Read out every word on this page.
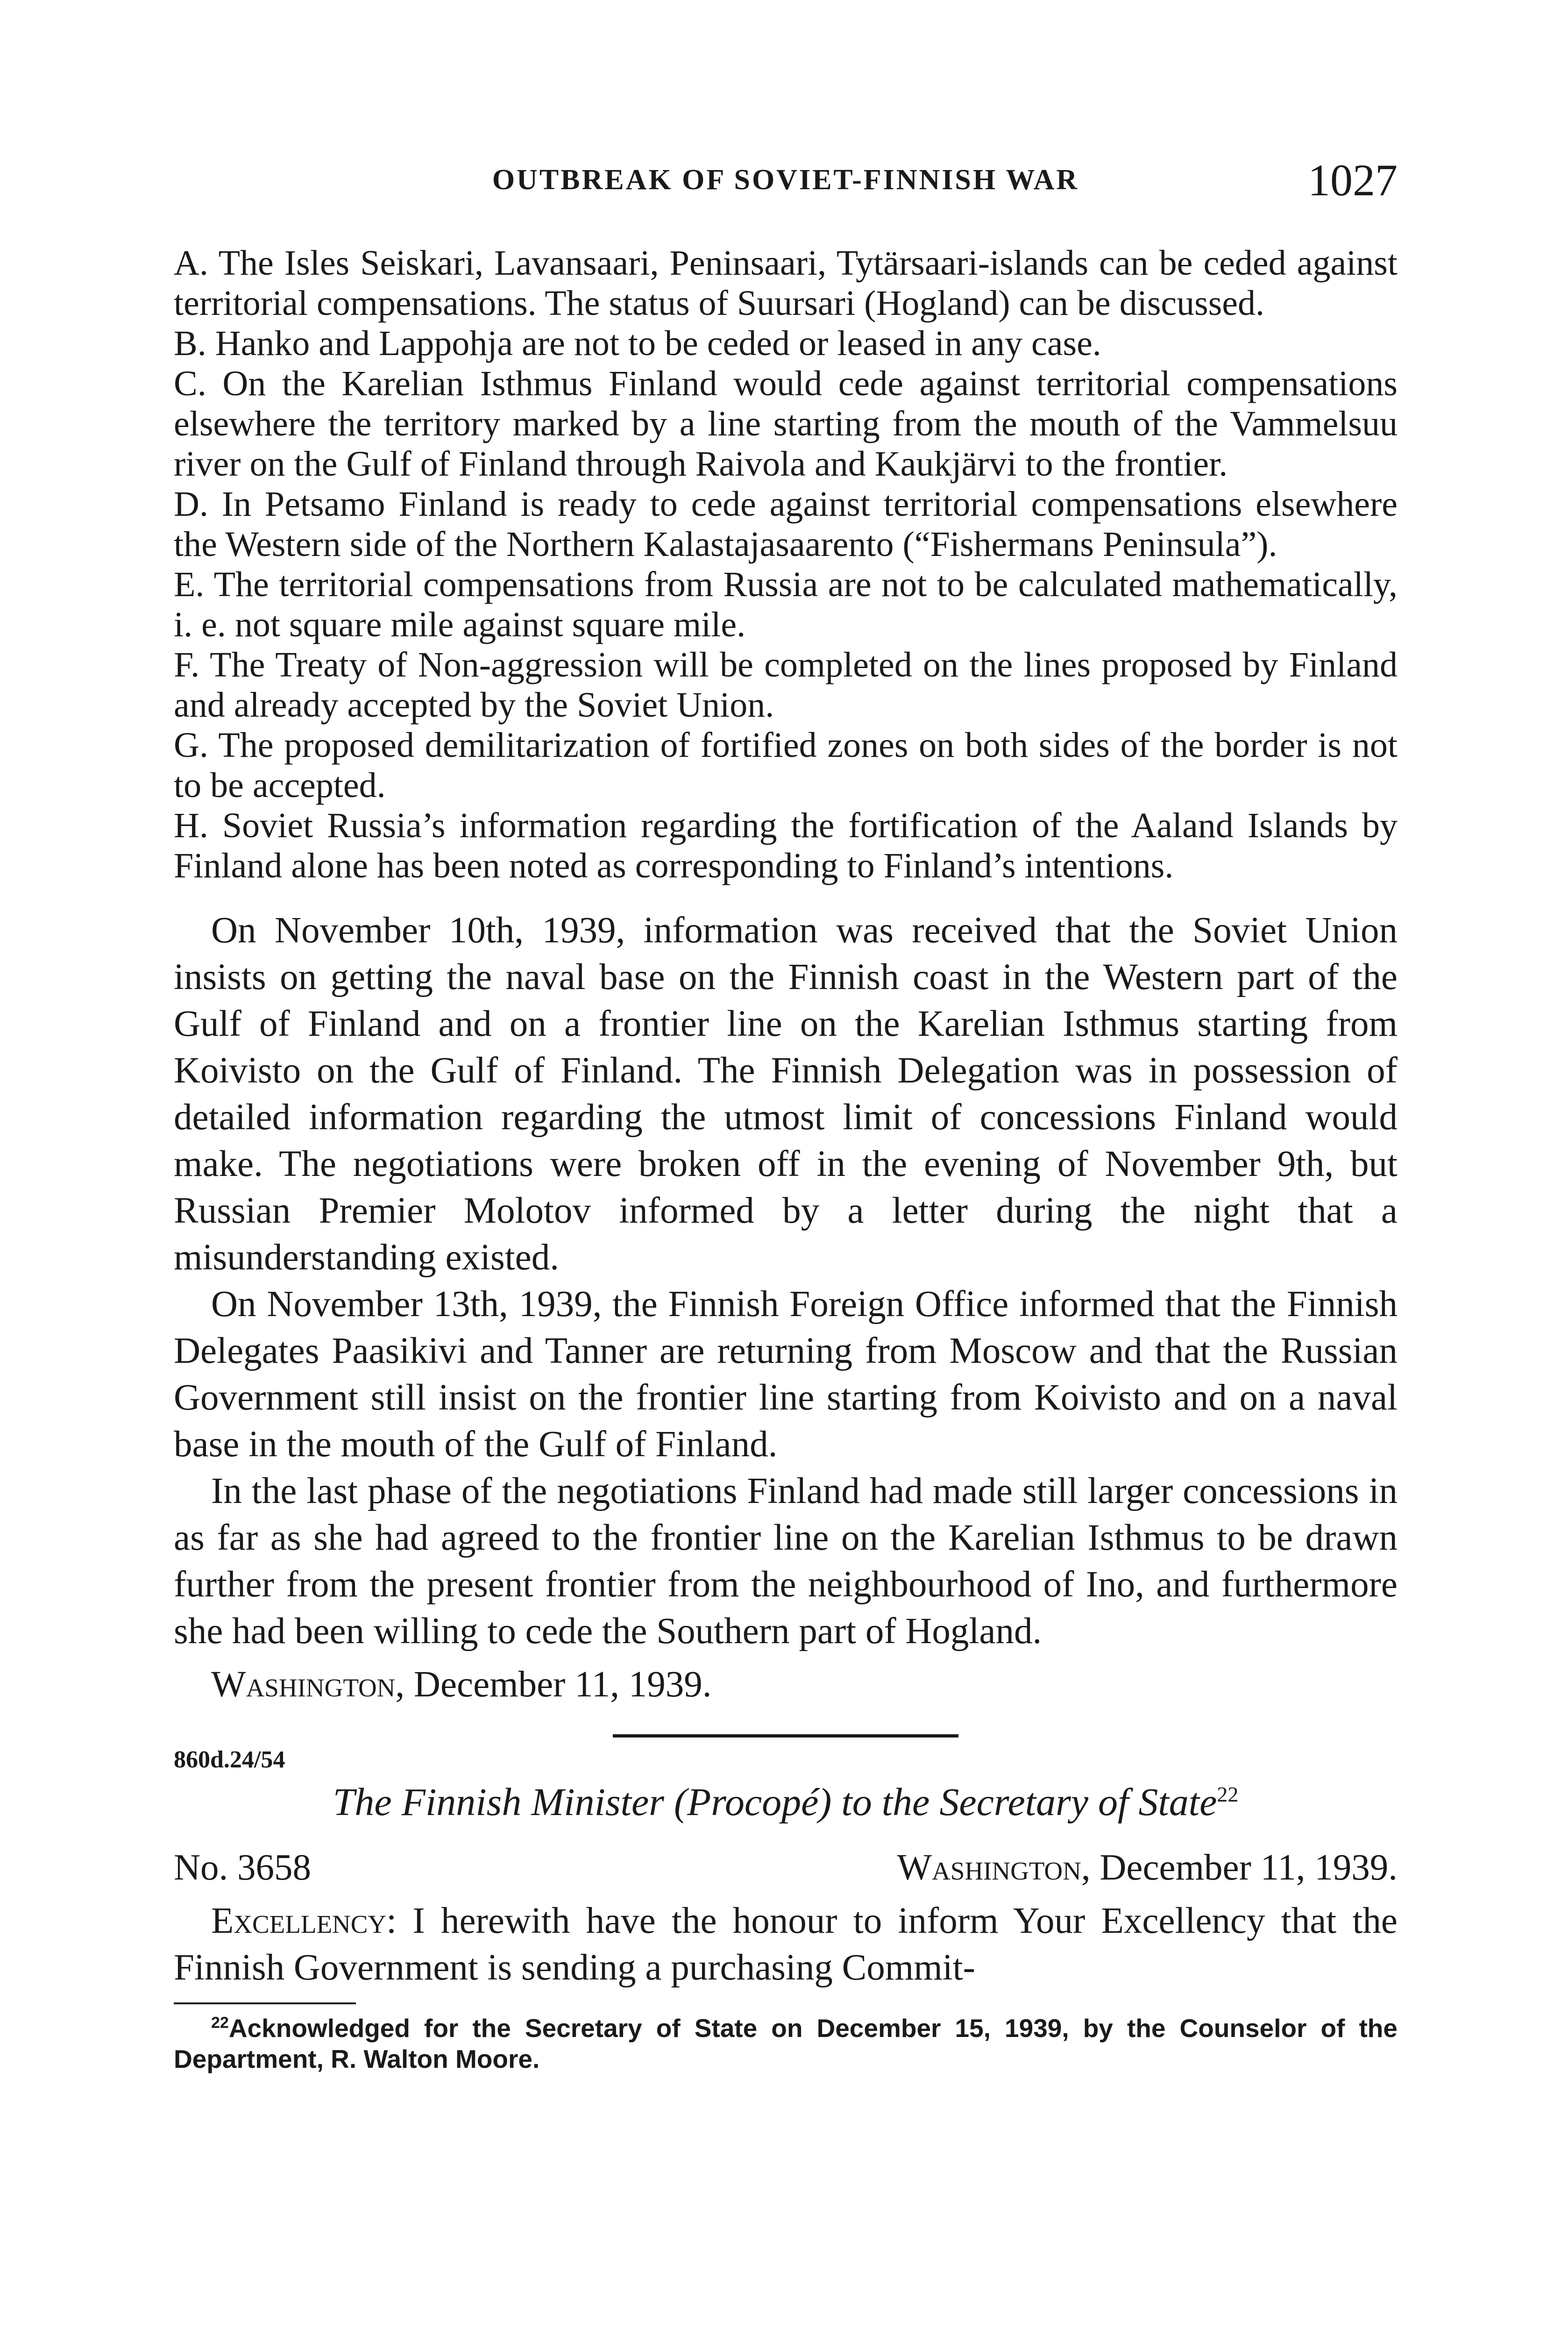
OUTBREAK OF SOVIET-FINNISH WAR	1027

A. The Isles Seiskari, Lavansaari, Peninsaari, Tytärsaari-islands can be ceded against territorial compensations. The status of Suursari (Hogland) can be discussed.

B. Hanko and Lappohja are not to be ceded or leased in any case.

C. On the Karelian Isthmus Finland would cede against territorial compensations elsewhere the territory marked by a line starting from the mouth of the Vammelsuu river on the Gulf of Finland through Raivola and Kaukjärvi to the frontier.

D. In Petsamo Finland is ready to cede against territorial compensations elsewhere the Western side of the Northern Kalastajasaarento (“Fishermans Peninsula”).

E. The territorial compensations from Russia are not to be calculated mathematically, i. e. not square mile against square mile.

F. The Treaty of Non-aggression will be completed on the lines proposed by Finland and already accepted by the Soviet Union.

G. The proposed demilitarization of fortified zones on both sides of the border is not to be accepted.

H. Soviet Russia’s information regarding the fortification of the Aaland Islands by Finland alone has been noted as corresponding to Finland’s intentions.

On November 10th, 1939, information was received that the Soviet Union insists on getting the naval base on the Finnish coast in the Western part of the Gulf of Finland and on a frontier line on the Karelian Isthmus starting from Koivisto on the Gulf of Finland. The Finnish Delegation was in possession of detailed information regarding the utmost limit of concessions Finland would make. The negotiations were broken off in the evening of November 9th, but Russian Premier Molotov informed by a letter during the night that a misunderstanding existed.

On November 13th, 1939, the Finnish Foreign Office informed that the Finnish Delegates Paasikivi and Tanner are returning from Moscow and that the Russian Government still insist on the frontier line starting from Koivisto and on a naval base in the mouth of the Gulf of Finland.

In the last phase of the negotiations Finland had made still larger concessions in as far as she had agreed to the frontier line on the Karelian Isthmus to be drawn further from the present frontier from the neighbourhood of Ino, and furthermore she had been willing to cede the Southern part of Hogland.

Washington, December 11, 1939.

860d.24/54
The Finnish Minister (Procopé) to the Secretary of State$^{22}$
No. 3658	Washington, December 11, 1939.

Excellency: I herewith have the honour to inform Your Excellency that the Finnish Government is sending a purchasing Commit-

$^{22}$Acknowledged for the Secretary of State on December 15, 1939, by the Counselor of the Department, R. Walton Moore.
